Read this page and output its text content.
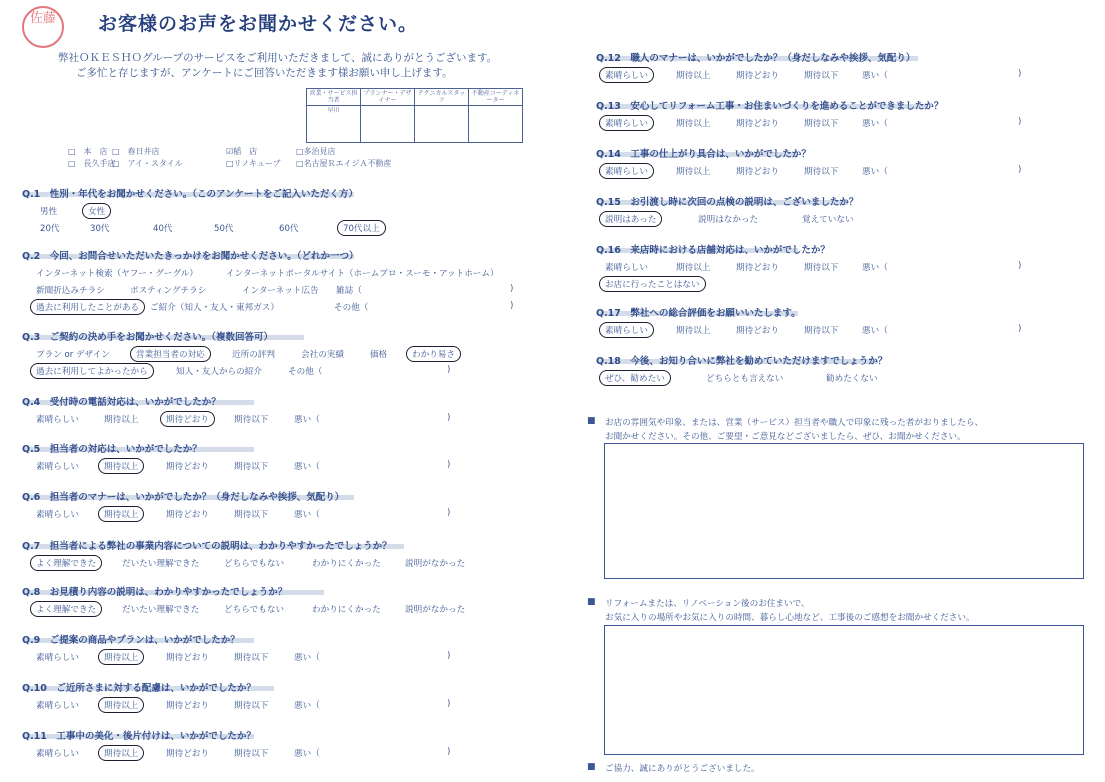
佐藤	お客様のお声をお聞かせください。
弊社ＯＫＥＳＨＯグループのサービスをご利用いただきまして、誠にありがとうございます。
ご多忙と存じますが、アンケートにご回答いただきます様お願い申し上げます。
営業・サービス担当者	プランナー・デザイナー	テクニカルスタッフ	不動産コーディネーター
早川			
□　本　店 □　春日井店	☑稲　店	□多治見店
□　長久手店
□　アイ・スタイル	□リノキューブ □名古屋ＲエイジＡ不動産
Q.1　性別・年代をお聞かせください。（このアンケートをご記入いただく方）
男性	女性
20代	30代	40代	50代	60代	70代以上
Q.2　今回、お問合せいただいたきっかけをお聞かせください。（どれか一つ）
インターネット検索（ヤフー・グーグル）	インターネットポータルサイト（ホームプロ・スーモ・アットホーム）
新聞折込みチラシ	ポスティングチラシ	インターネット広告 雑誌（	)
過去に利用したことがある	ご紹介（知人・友人・東邦ガス）	その他（	)
Q.3　ご契約の決め手をお聞かせください。（複数回答可）
プラン or デザイン	営業担当者の対応	近所の評判	会社の実績	価格	わかり易さ
過去に利用してよかったから	知人・友人からの紹介	その他（	)
Q.4　受付時の電話対応は、いかがでしたか？
素晴らしい	期待以上	期待どおり	期待以下	悪い（	)
Q.5　担当者の対応は、いかがでしたか？
素晴らしい	期待以上	期待どおり	期待以下	悪い（	)
Q.6　担当者のマナーは、いかがでしたか？（身だしなみや挨拶、気配り）
素晴らしい	期待以上	期待どおり	期待以下	悪い（	)
Q.7　担当者による弊社の事業内容についての説明は、わかりやすかったでしょうか？
よく理解できた	だいたい理解できた	どちらでもない	わかりにくかった	説明がなかった
Q.8　お見積り内容の説明は、わかりやすかったでしょうか？
よく理解できた	だいたい理解できた	どちらでもない	わかりにくかった	説明がなかった
Q.9　ご提案の商品やプランは、いかがでしたか？
素晴らしい	期待以上	期待どおり	期待以下	悪い（	)
Q.10　ご近所さまに対する配慮は、いかがでしたか？
素晴らしい	期待以上	期待どおり	期待以下	悪い（	)
Q.11　工事中の美化・後片付けは、いかがでしたか？
素晴らしい	期待以上	期待どおり	期待以下	悪い（	)
Q.12　職人のマナーは、いかがでしたか？（身だしなみや挨拶、気配り）
素晴らしい	期待以上	期待どおり	期待以下	悪い（	)
Q.13　安心してリフォーム工事・お住まいづくりを進めることができましたか？
素晴らしい	期待以上	期待どおり	期待以下	悪い（	)
Q.14　工事の仕上がり具合は、いかがでしたか？
素晴らしい	期待以上	期待どおり	期待以下	悪い（	)
Q.15　お引渡し時に次回の点検の説明は、ございましたか？
説明はあった	説明はなかった	覚えていない
Q.16　来店時における店舗対応は、いかがでしたか？
素晴らしい	期待以上	期待どおり	期待以下	悪い（	)
お店に行ったことはない
Q.17　弊社への総合評価をお願いいたします。
素晴らしい	期待以上	期待どおり	期待以下	悪い（	)
Q.18　今後、お知り合いに弊社を勧めていただけますでしょうか？
ぜひ、勧めたい	どちらとも言えない	勧めたくない
■ お店の雰囲気や印象、または、営業（サービス）担当者や職人で印象に残った者がおりましたら、
お聞かせください。その他、ご要望・ご意見などございましたら、ぜひ、お聞かせください。
■ リフォームまたは、リノベーション後のお住まいで、
お気に入りの場所やお気に入りの時間、暮らし心地など、工事後のご感想をお聞かせください。
■ ご協力、誠にありがとうございました。
